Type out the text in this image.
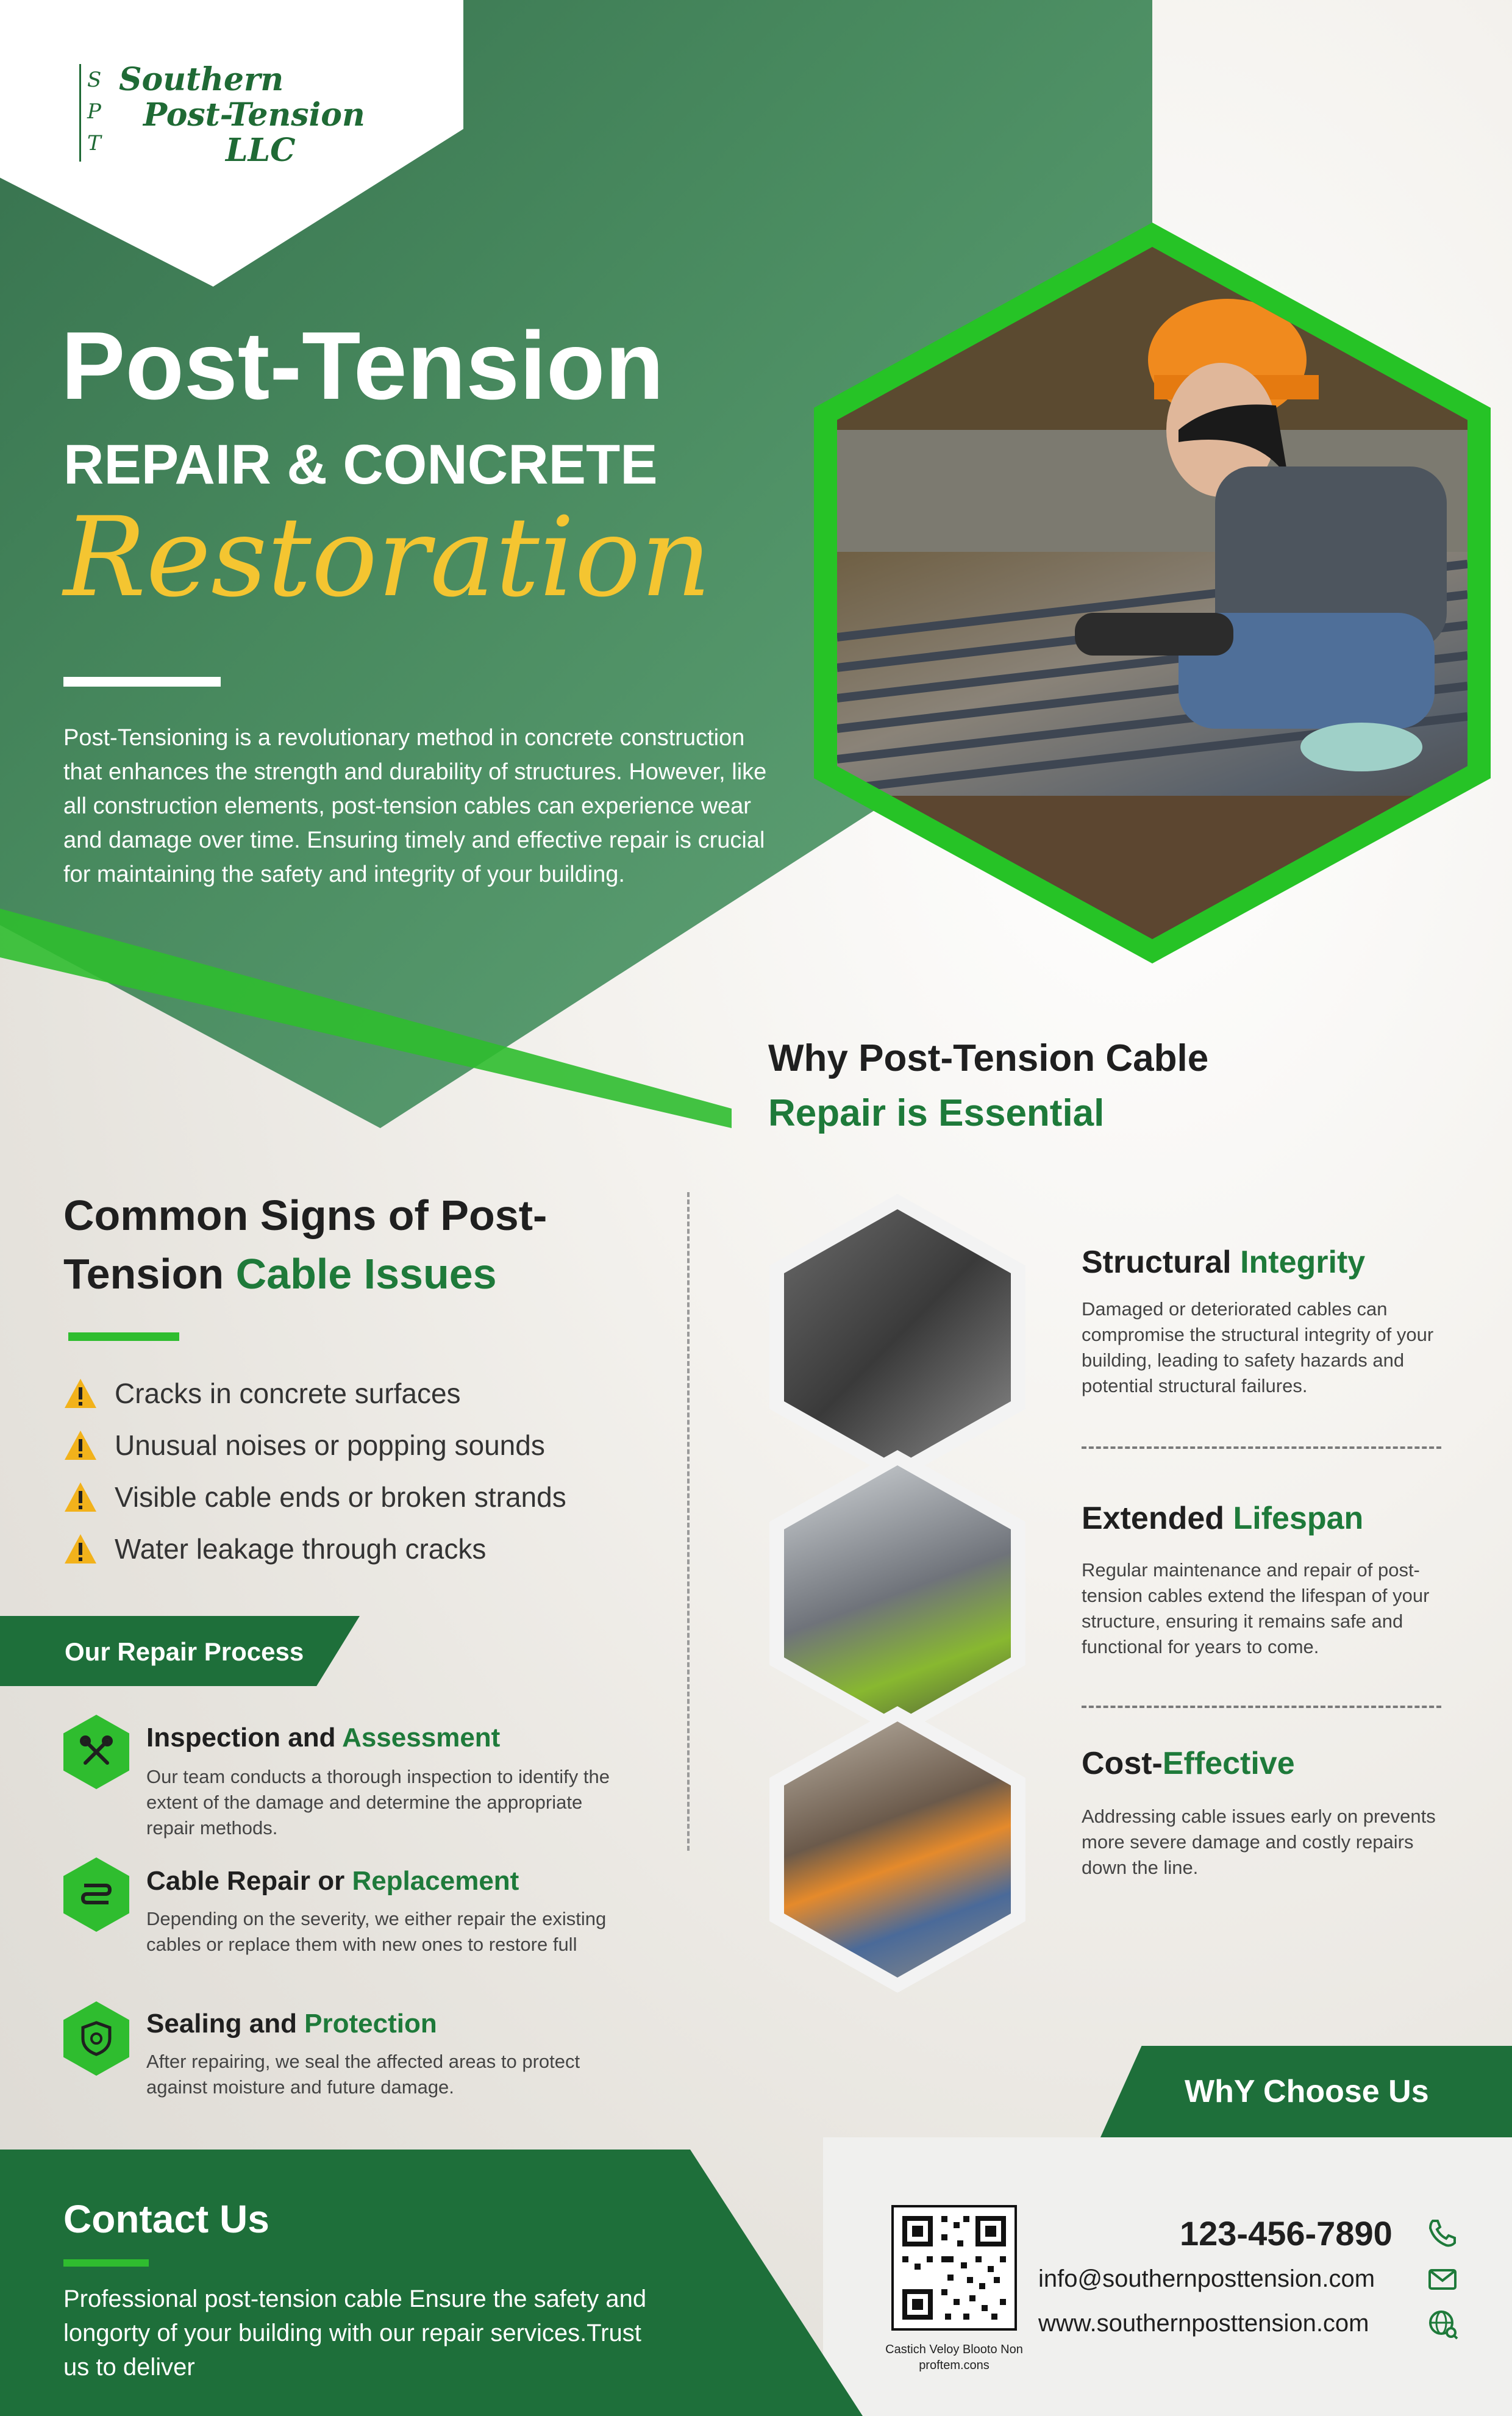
S
P
T
Southern
Post-Tension
LLC
Post-Tension
REPAIR & CONCRETE
Restoration
Post-Tensioning is a revolutionary method in concrete construction that enhances the strength and durability of structures. However, like all construction elements, post-tension cables can experience wear and damage over time. Ensuring timely and effective repair is crucial for maintaining the safety and integrity of your building.
Why Post-Tension Cable
Repair is Essential
Common Signs of Post-Tension Cable Issues
Cracks in concrete surfaces
Unusual noises or popping sounds
Visible cable ends or broken strands
Water leakage through cracks
Structural Integrity
Damaged or deteriorated cables can compromise the structural integrity of your building, leading to safety hazards and potential structural failures.
Extended Lifespan
Regular maintenance and repair of post-tension cables extend the lifespan of your structure, ensuring it remains safe and functional for years to come.
Cost-Effective
Addressing cable issues early on prevents more severe damage and costly repairs down the line.
Our Repair Process
Inspection and Assessment
Our team conducts a thorough inspection to identify the extent of the damage and determine the appropriate repair methods.
Cable Repair or Replacement
Depending on the severity, we either repair the existing cables or replace them with new ones to restore full
Sealing and Protection
After repairing, we seal the affected areas to protect against moisture and future damage.	WhY Choose Us
Contact Us
Professional post-tension cable Ensure the safety and longorty of your building with our repair services.Trust us to deliver
Castich Veloy Blooto Non proftem.cons
123-456-7890
info@southernposttension.com
www.southernposttension.com
